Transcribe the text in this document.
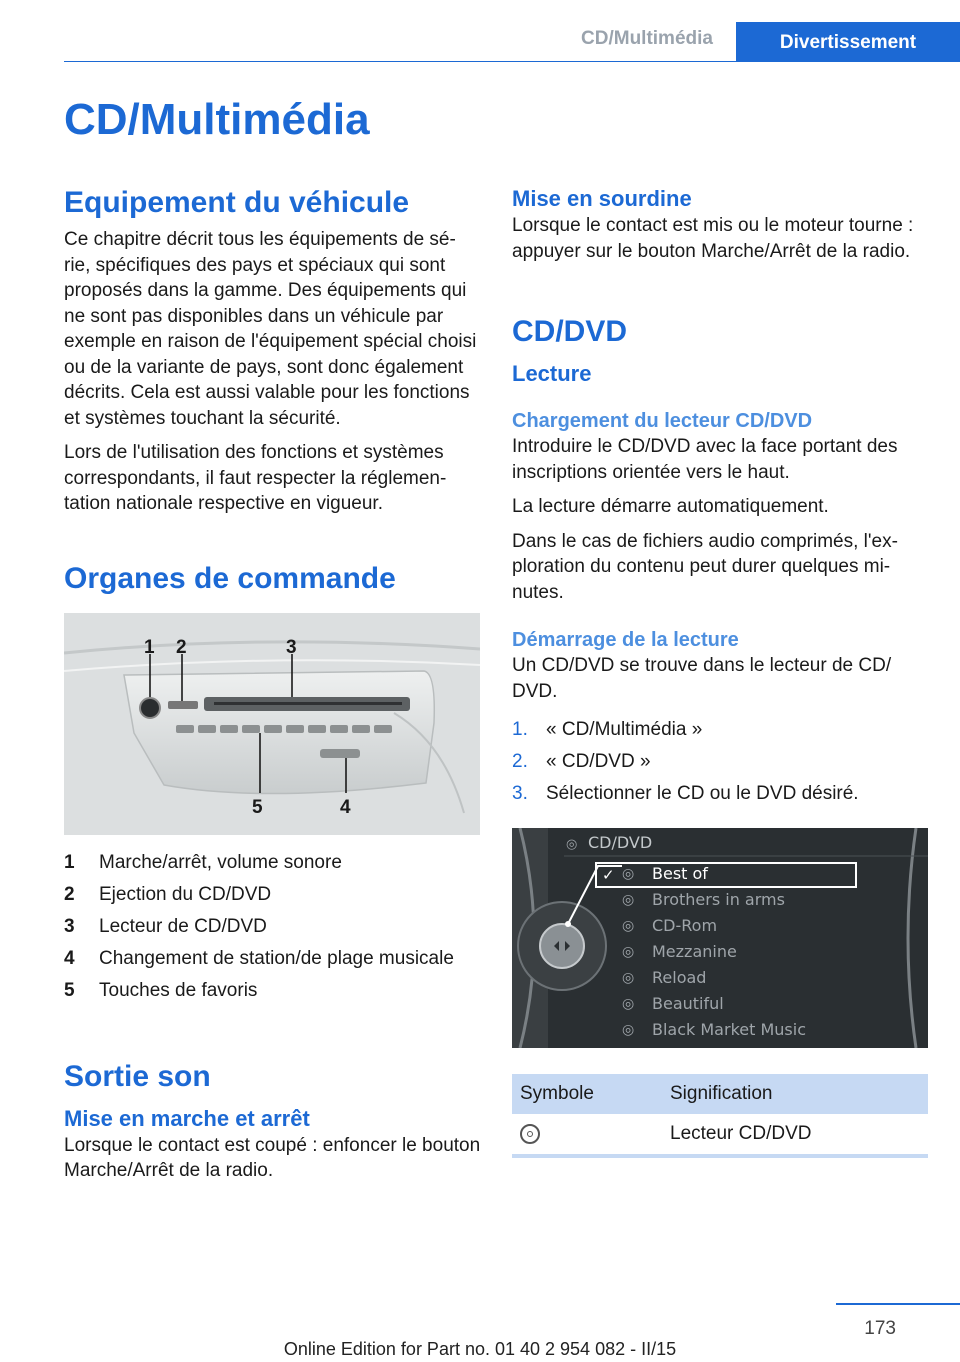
CD/Multimédia	Divertissement
CD/Multimédia
Equipement du véhicule

Ce chapitre décrit tous les équipements de sé-rie, spécifiques des pays et spéciaux qui sont proposés dans la gamme. Des équipements qui ne sont pas disponibles dans un véhicule par exemple en raison de l'équipement spécial choisi ou de la variante de pays, sont donc également décrits. Cela est aussi valable pour les fonctions et systèmes touchant la sécurité.

Lors de l'utilisation des fonctions et systèmes correspondants, il faut respecter la réglemen-tation nationale respective en vigueur.

Organes de commande
1 2	3
5	4
1	Marche/arrêt, volume sonore
2	Ejection du CD/DVD
3	Lecteur de CD/DVD
4	Changement de station/de plage musicale
5	Touches de favoris
Sortie son
Mise en marche et arrêt

Lorsque le contact est coupé : enfoncer le bouton Marche/Arrêt de la radio.

Mise en sourdine

Lorsque le contact est mis ou le moteur tourne : appuyer sur le bouton Marche/Arrêt de la radio.

CD/DVD
Lecture
Chargement du lecteur CD/DVD

Introduire le CD/DVD avec la face portant des inscriptions orientée vers le haut.

La lecture démarre automatiquement.

Dans le cas de fichiers audio comprimés, l'ex-ploration du contenu peut durer quelques mi-nutes.

Démarrage de la lecture

Un CD/DVD se trouve dans le lecteur de CD/ DVD.

1. « CD/Multimédia »
2. « CD/DVD »
3. Sélectionner le CD ou le DVD désiré.
◎ CD/DVD
✓ ◎	Best of
◎	Brothers in arms
◎	CD-Rom
◎	Mezzanine
◎	Reload
◎	Beautiful
◎	Black Market Music
Symbole	Signification

	Lecteur CD/DVD
173
Online Edition for Part no. 01 40 2 954 082 - II/15
